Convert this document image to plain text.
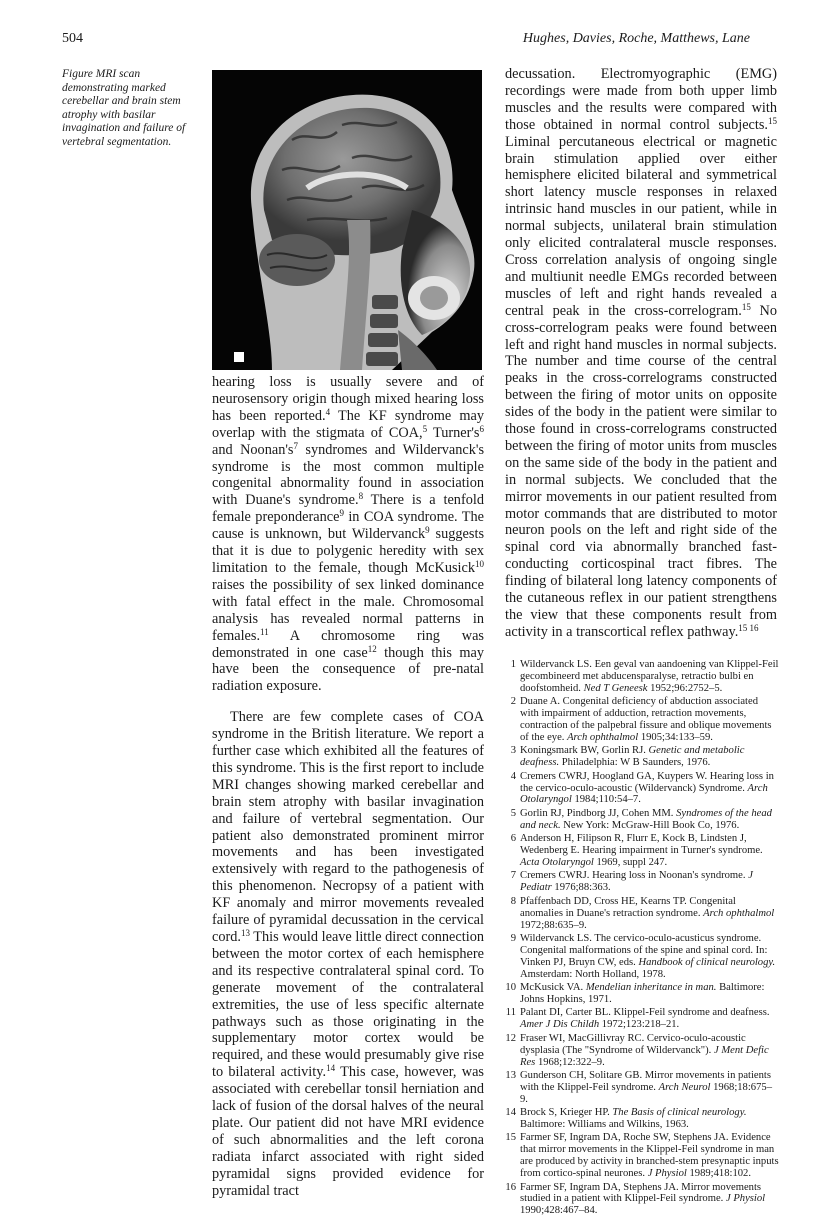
504	Hughes, Davies, Roche, Matthews, Lane
Figure MRI scan demonstrating marked cerebellar and brain stem atrophy with basilar invagination and failure of vertebral segmentation.

hearing loss is usually severe and of neurosensory origin though mixed hearing loss has been reported.$^4$ The KF syndrome may overlap with the stigmata of COA,$^5$ $Turner's^6$ and $Noonan's^7$ syndromes and Wildervanck's syndrome is the most common multiple congenital abnormality found in association with Duane's syndrome.$^8$ There is a tenfold female preponderance$^9$ in COA syndrome. The cause is unknown, but Wildervanck$^9$ suggests that it is due to polygenic heredity with sex limitation to the female, though McKusick$^{10}$ raises the possibility of sex linked dominance with fatal effect in the male. Chromosomal analysis has revealed normal patterns in females.$^{11}$ A chromosome ring was demonstrated in one case$^{12}$ though this may have been the consequence of pre-natal radiation exposure.

There are few complete cases of COA syndrome in the British literature. We report a further case which exhibited all the features of this syndrome. This is the first report to include MRI changes showing marked cerebellar and brain stem atrophy with basilar invagination and failure of vertebral segmentation. Our patient also demonstrated prominent mirror movements and has been investigated extensively with regard to the pathogenesis of this phenomenon. Necropsy of a patient with KF anomaly and mirror movements revealed failure of pyramidal decussation in the cervical cord.$^{13}$ This would leave little direct connection between the motor cortex of each hemisphere and its respective contralateral spinal cord. To generate movement of the contralateral extremities, the use of less specific alternate pathways such as those originating in the supplementary motor cortex would be required, and these would presumably give rise to bilateral activity.$^{14}$ This case, however, was associated with cerebellar tonsil herniation and lack of fusion of the dorsal halves of the neural plate. Our patient did not have MRI evidence of such abnormalities and the left corona radiata infarct associated with right sided pyramidal signs provided evidence for pyramidal tract

decussation. Electromyographic (EMG) recordings were made from both upper limb muscles and the results were compared with those obtained in normal control subjects.$^{15}$ Liminal percutaneous electrical or magnetic brain stimulation applied over either hemisphere elicited bilateral and symmetrical short latency muscle responses in relaxed intrinsic hand muscles in our patient, while in normal subjects, unilateral brain stimulation only elicited contralateral muscle responses. Cross correlation analysis of ongoing single and multiunit needle EMGs recorded between muscles of left and right hands revealed a central peak in the cross-correlogram.$^{15}$ No cross-correlogram peaks were found between left and right hand muscles in normal subjects. The number and time course of the central peaks in the cross-correlograms constructed between the firing of motor units on opposite sides of the body in the patient were similar to those found in cross-correlograms constructed between the firing of motor units from muscles on the same side of the body in the patient and in normal subjects. We concluded that the mirror movements in our patient resulted from motor commands that are distributed to motor neuron pools on the left and right side of the spinal cord via abnormally branched fast-conducting corticospinal tract fibres. The finding of bilateral long latency components of the cutaneous reflex in our patient strengthens the view that these components result from activity in a transcortical reflex pathway.$^{15 16}$

1 Wildervanck LS. Een geval van aandoening van Klippel-Feil gecombineerd met abducensparalyse, retractio bulbi en doofstomheid. Ned T Geneesk 1952;96:2752–5.
2 Duane A. Congenital deficiency of abduction associated with impairment of adduction, retraction movements, contraction of the palpebral fissure and oblique movements of the eye. Arch ophthalmol 1905;34:133–59.
3 Koningsmark BW, Gorlin RJ. Genetic and metabolic deafness. Philadelphia: W B Saunders, 1976.
4 Cremers CWRJ, Hoogland GA, Kuypers W. Hearing loss in the cervico-oculo-acoustic (Wildervanck) Syndrome. Arch Otolaryngol 1984;110:54–7.
5 Gorlin RJ, Pindborg JJ, Cohen MM. Syndromes of the head and neck. New York: McGraw-Hill Book Co, 1976.
6 Anderson H, Filipson R, Flurr E, Kock B, Lindsten J, Wedenberg E. Hearing impairment in Turner's syndrome. Acta Otolaryngol 1969, suppl 247.
7 Cremers CWRJ. Hearing loss in Noonan's syndrome. J Pediatr 1976;88:363.
8 Pfaffenbach DD, Cross HE, Kearns TP. Congenital anomalies in Duane's retraction syndrome. Arch ophthalmol 1972;88:635–9.
9 Wildervanck LS. The cervico-oculo-acusticus syndrome. Congenital malformations of the spine and spinal cord. In: Vinken PJ, Bruyn CW, eds. Handbook of clinical neurology. Amsterdam: North Holland, 1978.
10 McKusick VA. Mendelian inheritance in man. Baltimore: Johns Hopkins, 1971.
11 Palant DI, Carter BL. Klippel-Feil syndrome and deafness. Amer J Dis Childh 1972;123:218–21.
12 Fraser WI, MacGillivray RC. Cervico-oculo-acoustic dysplasia (The "Syndrome of Wildervanck"). J Ment Defic Res 1968;12:322–9.
13 Gunderson CH, Solitare GB. Mirror movements in patients with the Klippel-Feil syndrome. Arch Neurol 1968;18:675–9.
14 Brock S, Krieger HP. The Basis of clinical neurology. Baltimore: Williams and Wilkins, 1963.
15 Farmer SF, Ingram DA, Roche SW, Stephens JA. Evidence that mirror movements in the Klippel-Feil syndrome in man are produced by activity in branched-stem presynaptic inputs from cortico-spinal neurones. J Physiol 1989;418:102.
16 Farmer SF, Ingram DA, Stephens JA. Mirror movements studied in a patient with Klippel-Feil syndrome. J Physiol 1990;428:467–84.
